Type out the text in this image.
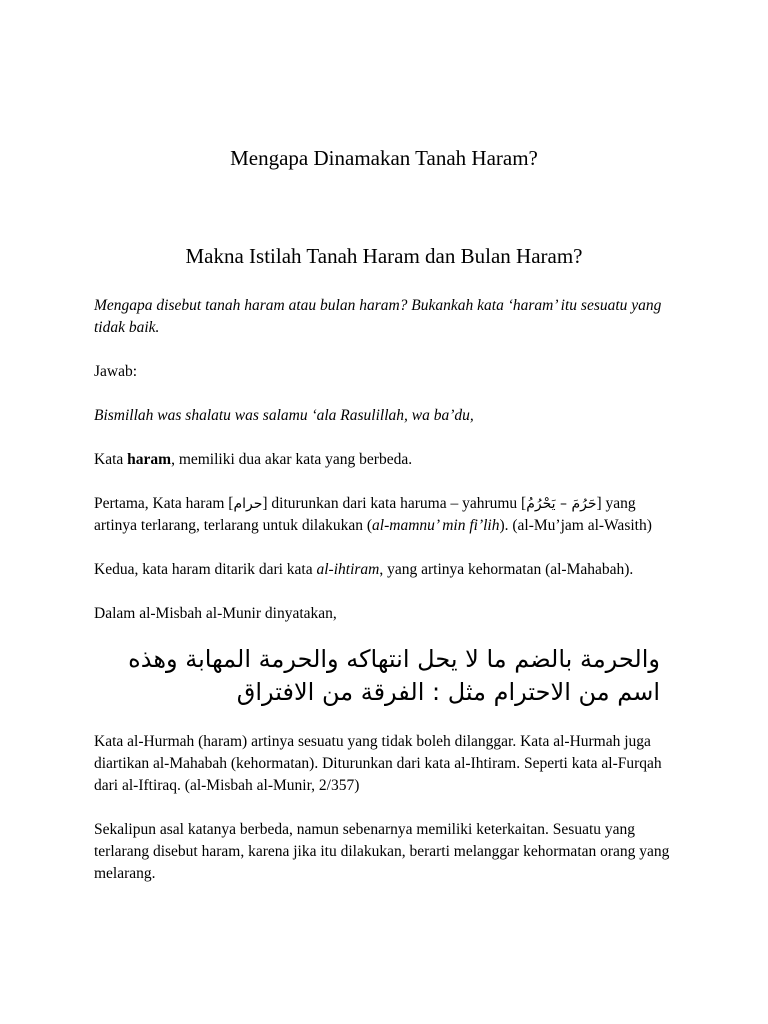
Mengapa Dinamakan Tanah Haram?
Makna Istilah Tanah Haram dan Bulan Haram?

Mengapa disebut tanah haram atau bulan haram? Bukankah kata ‘haram’ itu sesuatu yang tidak baik.

Jawab:

Bismillah was shalatu was salamu ‘ala Rasulillah, wa ba’du,

Kata haram, memiliki dua akar kata yang berbeda.

Pertama, Kata haram [حرام] diturunkan dari kata haruma – yahrumu [حَرُمَ – يَحْرُمُ] yang artinya terlarang, terlarang untuk dilakukan (al-mamnu’ min fi’lih). (al-Mu’jam al-Wasith)

Kedua, kata haram ditarik dari kata al-ihtiram, yang artinya kehormatan (al-Mahabah).

Dalam al-Misbah al-Munir dinyatakan,

والحرمة بالضم ما لا يحل انتهاكه والحرمة المهابة وهذه اسم من الاحترام مثل : الفرقة من الافتراق

Kata al-Hurmah (haram) artinya sesuatu yang tidak boleh dilanggar. Kata al-Hurmah juga diartikan al-Mahabah (kehormatan). Diturunkan dari kata al-Ihtiram. Seperti kata al-Furqah dari al-Iftiraq. (al-Misbah al-Munir, 2/357)

Sekalipun asal katanya berbeda, namun sebenarnya memiliki keterkaitan. Sesuatu yang terlarang disebut haram, karena jika itu dilakukan, berarti melanggar kehormatan orang yang melarang.
